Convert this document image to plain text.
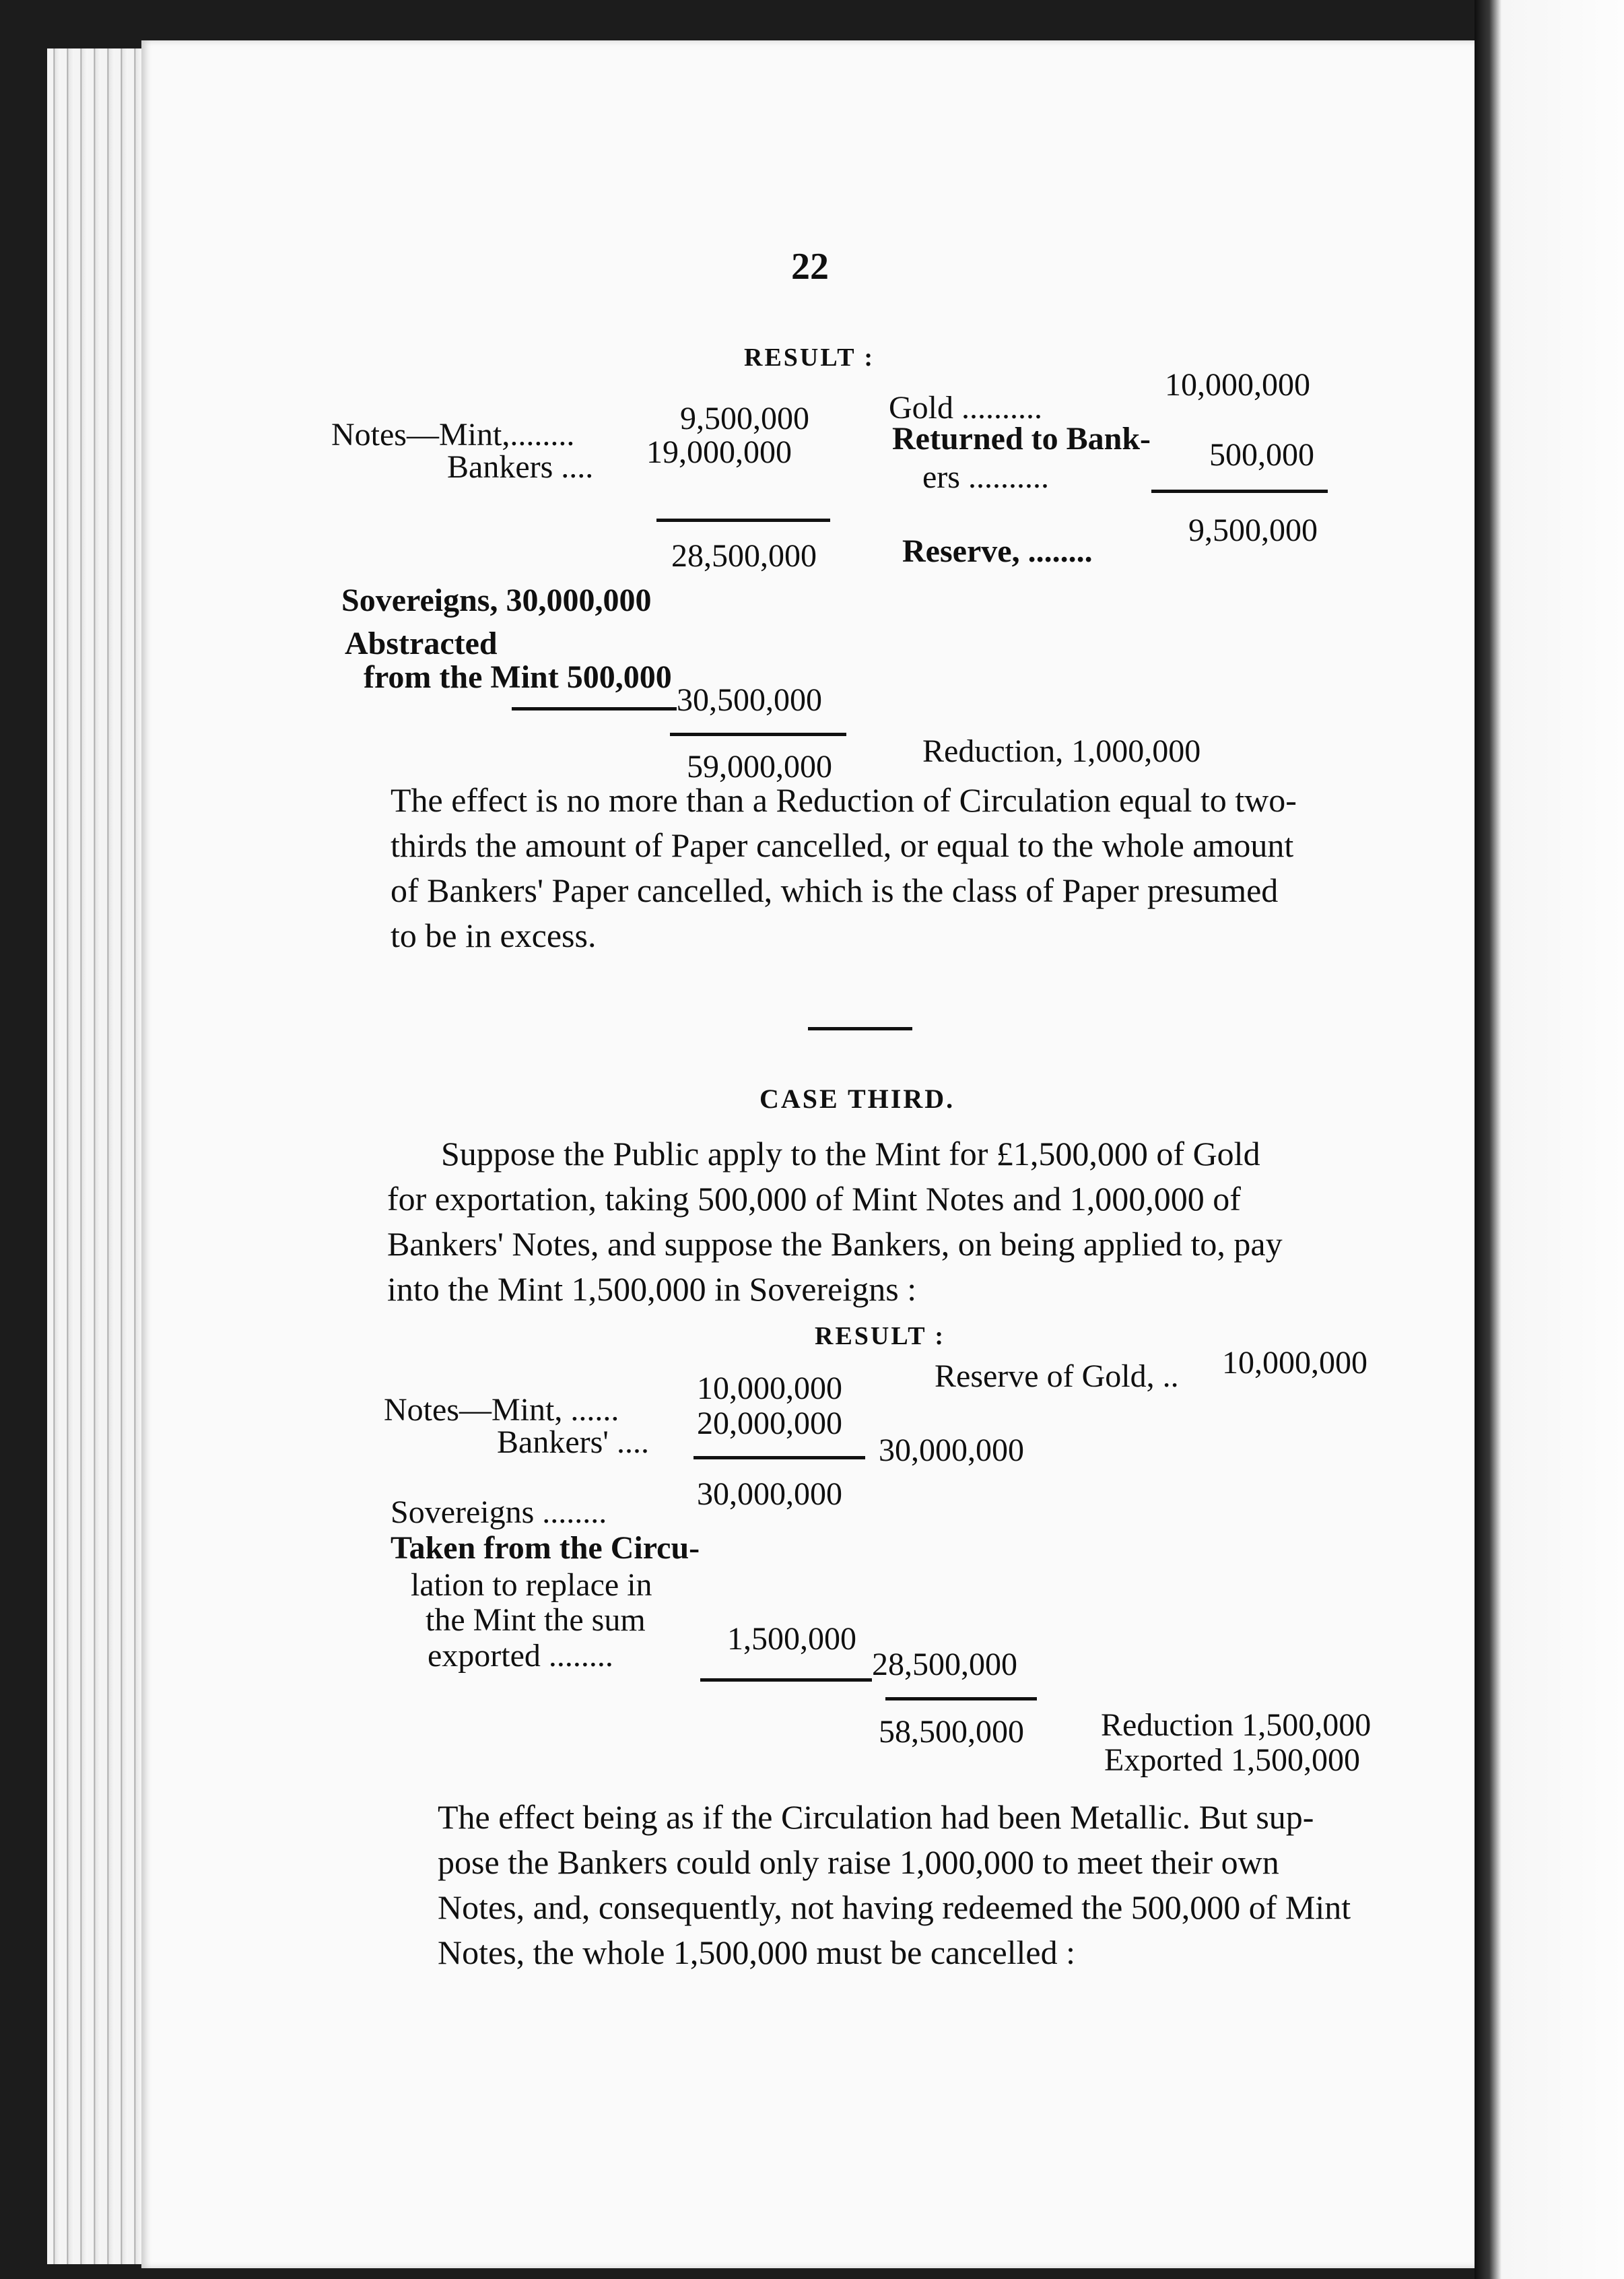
22
RESULT :
Notes—Mint,........	9,500,000
Bankers .... 19,000,000
28,500,000
Sovereigns, 30,000,000
Abstracted
from the Mint 500,000
30,500,000
59,000,000
Gold ..........
10,000,000
Returned to Bank-
ers ..........
500,000
Reserve, ........
9,500,000
Reduction, 1,000,000
The effect is no more than a Reduction of Circulation equal to two-
thirds the amount of Paper cancelled, or equal to the whole amount
of Bankers' Paper cancelled, which is the class of Paper presumed
to be in excess.
CASE THIRD.
Suppose the Public apply to the Mint for £1,500,000 of Gold
for exportation, taking 500,000 of Mint Notes and 1,000,000 of
Bankers' Notes, and suppose the Bankers, on being applied to, pay
into the Mint 1,500,000 in Sovereigns :
RESULT :
Notes—Mint, ......
10,000,000
Bankers' ....
20,000,000
30,000,000
Sovereigns ........
30,000,000
Taken from the Circu-
lation to replace in
the Mint the sum
exported ........	1,500,000
28,500,000
58,500,000
Reserve of Gold, .. 10,000,000
Reduction 1,500,000
Exported 1,500,000
The effect being as if the Circulation had been Metallic. But sup-
pose the Bankers could only raise 1,000,000 to meet their own
Notes, and, consequently, not having redeemed the 500,000 of Mint
Notes, the whole 1,500,000 must be cancelled :
